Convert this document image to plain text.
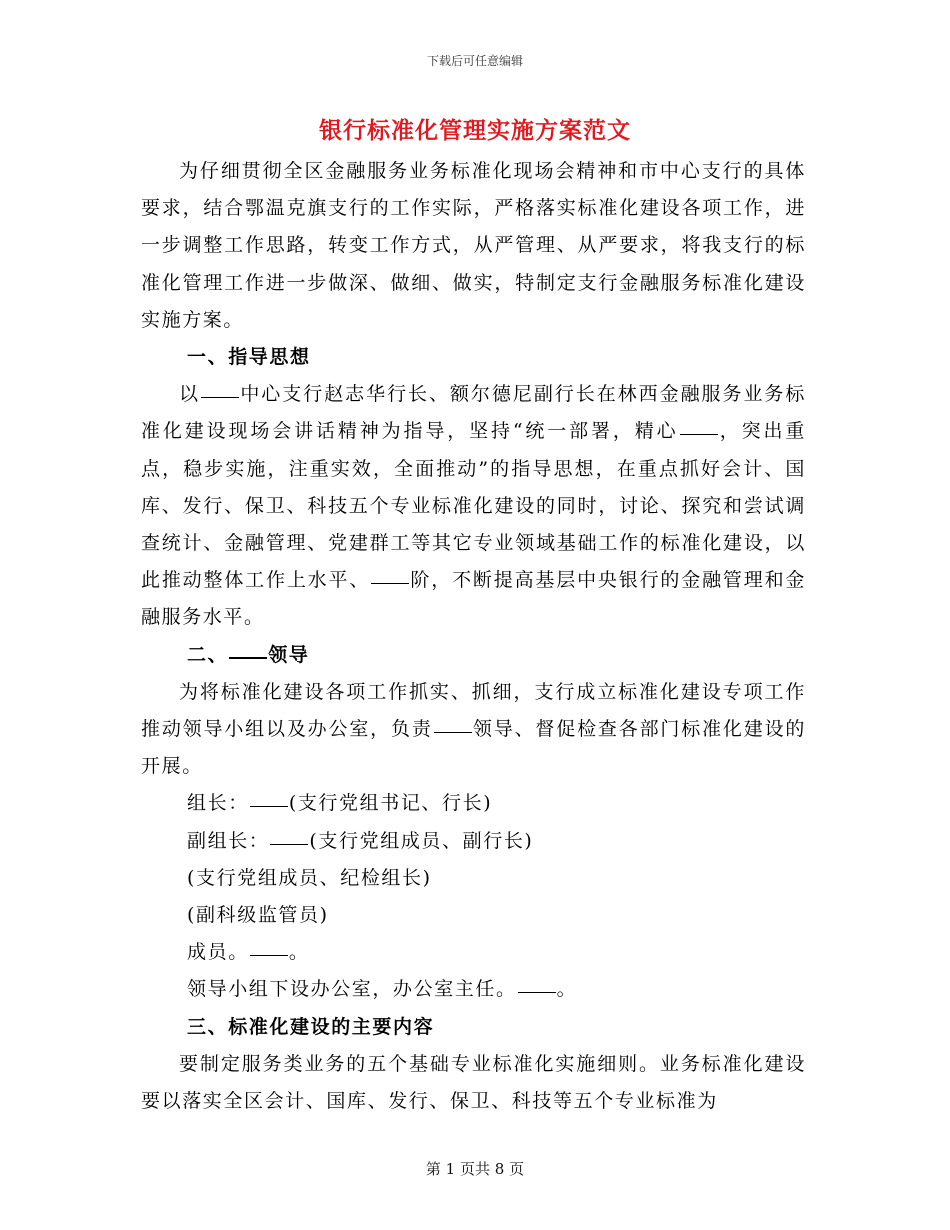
下载后可任意编辑
银行标准化管理实施方案范文

为仔细贯彻全区金融服务业务标准化现场会精神和市中心支行的具体要求，结合鄂温克旗支行的工作实际，严格落实标准化建设各项工作，进一步调整工作思路，转变工作方式，从严管理、从严要求，将我支行的标准化管理工作进一步做深、做细、做实，特制定支行金融服务标准化建设实施方案。

一、指导思想

以 中心支行赵志华行长、额尔德尼副行长在林西金融服务业务标准化建设现场会讲话精神为指导，坚持“统一部署，精心 ，突出重点，稳步实施，注重实效，全面推动”的指导思想，在重点抓好会计、国库、发行、保卫、科技五个专业标准化建设的同时，讨论、探究和尝试调查统计、金融管理、党建群工等其它专业领域基础工作的标准化建设，以此推动整体工作上水平、 阶，不断提高基层中央银行的金融管理和金融服务水平。

二、 领导

为将标准化建设各项工作抓实、抓细，支行成立标准化建设专项工作推动领导小组以及办公室，负责 领导、督促检查各部门标准化建设的开展。

组长： (支行党组书记、行长)

副组长： (支行党组成员、副行长)

(支行党组成员、纪检组长)

(副科级监管员)

成员。 。

领导小组下设办公室，办公室主任。 。

三、标准化建设的主要内容

要制定服务类业务的五个基础专业标准化实施细则。业务标准化建设要以落实全区会计、国库、发行、保卫、科技等五个专业标准为

第 1 页共 8 页
